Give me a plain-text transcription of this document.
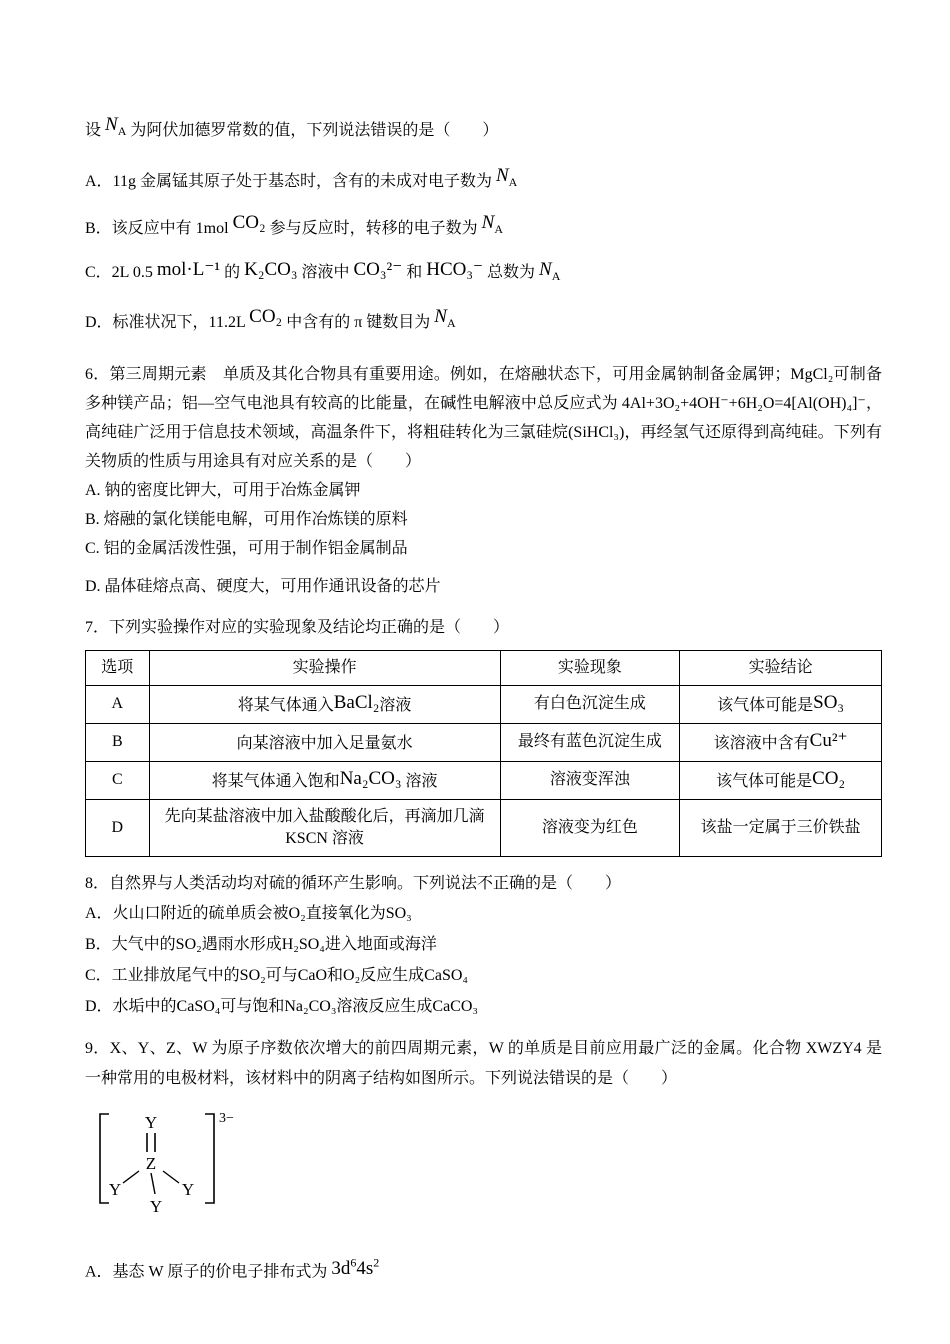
设 $N_A$ 为阿伏加德罗常数的值，下列说法错误的是（　　）
A．11g 金属锰其原子处于基态时，含有的未成对电子数为 $N_A$
B．该反应中有 1mol CO₂ 参与反应时，转移的电子数为 $N_A$
C．2L 0.5 mol·L⁻¹ 的 K₂CO₃ 溶液中 CO₃²⁻ 和 HCO₃⁻ 总数为 $N_A$
D．标准状况下，11.2L CO₂ 中含有的 π 键数目为 $N_A$
6．第三周期元素　单质及其化合物具有重要用途。例如，在熔融状态下，可用金属钠制备金属钾；MgCl₂可制备多种镁产品；铝—空气电池具有较高的比能量，在碱性电解液中总反应式为 4Al+3O₂+4OH⁻+6H₂O=4[Al(OH)₄]⁻，高纯硅广泛用于信息技术领域，高温条件下，将粗硅转化为三氯硅烷(SiHCl₃)，再经氢气还原得到高纯硅。下列有关物质的性质与用途具有对应关系的是（　　）
A. 钠的密度比钾大，可用于冶炼金属钾
B. 熔融的氯化镁能电解，可用作冶炼镁的原料
C. 铝的金属活泼性强，可用于制作铝金属制品
D. 晶体硅熔点高、硬度大，可用作通讯设备的芯片
7．下列实验操作对应的实验现象及结论均正确的是（　　）
选项	实验操作	实验现象	实验结论
A	将某气体通入BaCl₂溶液	有白色沉淀生成	该气体可能是SO₃
B	向某溶液中加入足量氨水	最终有蓝色沉淀生成	该溶液中含有Cu²⁺
C	将某气体通入饱和Na₂CO₃ 溶液	溶液变浑浊	该气体可能是CO₂
D	先向某盐溶液中加入盐酸酸化后，再滴加几滴 KSCN 溶液	溶液变为红色	该盐一定属于三价铁盐
8．自然界与人类活动均对硫的循环产生影响。下列说法不正确的是（　　）
A．火山口附近的硫单质会被O₂直接氧化为SO₃
B．大气中的SO₂遇雨水形成H₂SO₄进入地面或海洋
C．工业排放尾气中的SO₂可与CaO和O₂反应生成CaSO₄
D．水垢中的CaSO₄可与饱和Na₂CO₃溶液反应生成CaCO₃
9．X、Y、Z、W 为原子序数依次增大的前四周期元素，W 的单质是目前应用最广泛的金属。化合物 XWZY4 是一种常用的电极材料，该材料中的阴离子结构如图所示。下列说法错误的是（　　）
3−
Y
Z
Y	Y
Y
A．基态 W 原子的价电子排布式为 $3d^64s^2$
